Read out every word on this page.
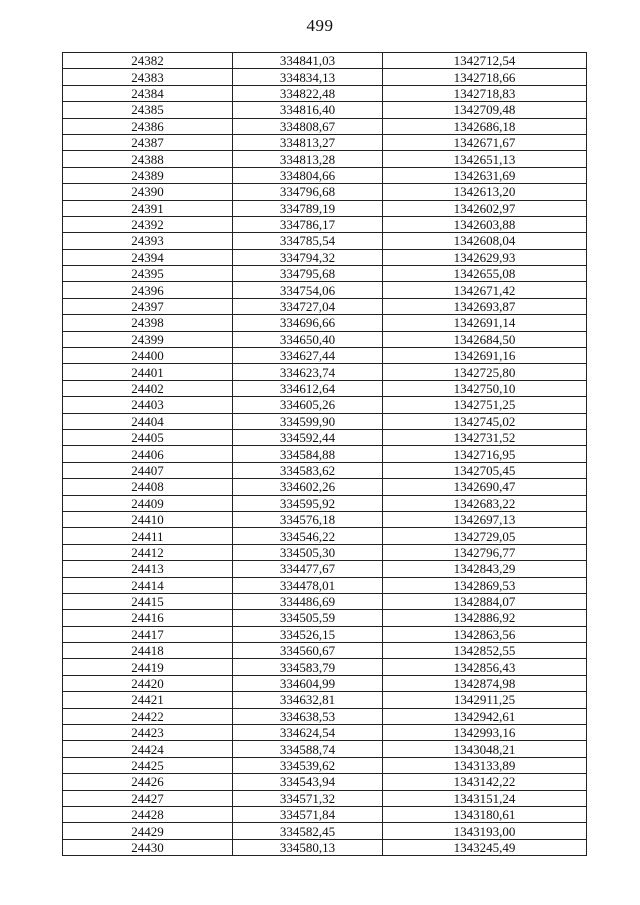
499
24382	334841,03	1342712,54
24383	334834,13	1342718,66
24384	334822,48	1342718,83
24385	334816,40	1342709,48
24386	334808,67	1342686,18
24387	334813,27	1342671,67
24388	334813,28	1342651,13
24389	334804,66	1342631,69
24390	334796,68	1342613,20
24391	334789,19	1342602,97
24392	334786,17	1342603,88
24393	334785,54	1342608,04
24394	334794,32	1342629,93
24395	334795,68	1342655,08
24396	334754,06	1342671,42
24397	334727,04	1342693,87
24398	334696,66	1342691,14
24399	334650,40	1342684,50
24400	334627,44	1342691,16
24401	334623,74	1342725,80
24402	334612,64	1342750,10
24403	334605,26	1342751,25
24404	334599,90	1342745,02
24405	334592,44	1342731,52
24406	334584,88	1342716,95
24407	334583,62	1342705,45
24408	334602,26	1342690,47
24409	334595,92	1342683,22
24410	334576,18	1342697,13
24411	334546,22	1342729,05
24412	334505,30	1342796,77
24413	334477,67	1342843,29
24414	334478,01	1342869,53
24415	334486,69	1342884,07
24416	334505,59	1342886,92
24417	334526,15	1342863,56
24418	334560,67	1342852,55
24419	334583,79	1342856,43
24420	334604,99	1342874,98
24421	334632,81	1342911,25
24422	334638,53	1342942,61
24423	334624,54	1342993,16
24424	334588,74	1343048,21
24425	334539,62	1343133,89
24426	334543,94	1343142,22
24427	334571,32	1343151,24
24428	334571,84	1343180,61
24429	334582,45	1343193,00
24430	334580,13	1343245,49
